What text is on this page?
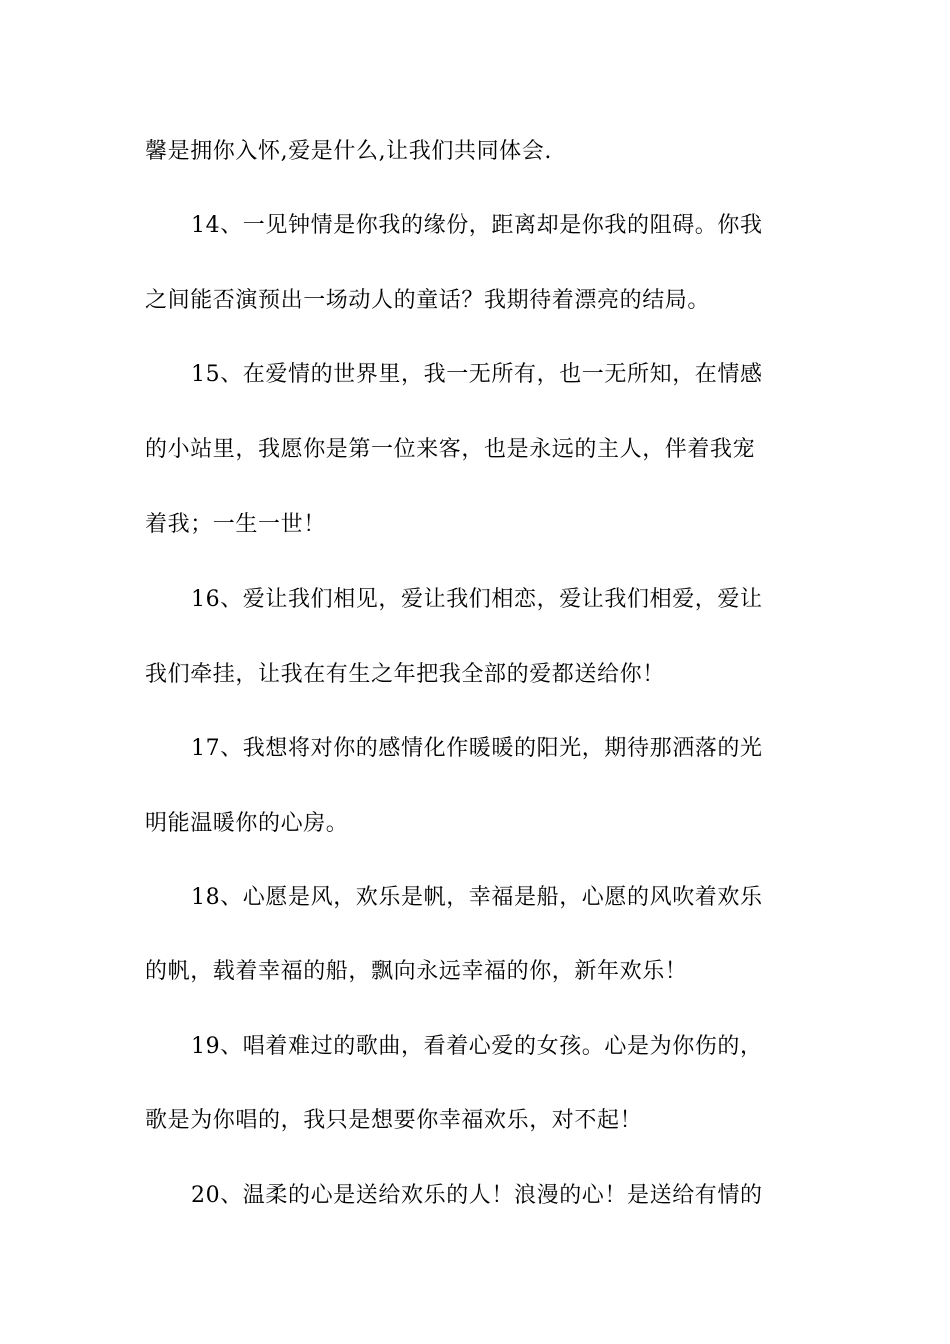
馨是拥你入怀,爱是什么,让我们共同体会.
14、一见钟情是你我的缘份，距离却是你我的阻碍。你我
之间能否演预出一场动人的童话？我期待着漂亮的结局。
15、在爱情的世界里，我一无所有，也一无所知，在情感
的小站里，我愿你是第一位来客，也是永远的主人，伴着我宠
着我；一生一世！
16、爱让我们相见，爱让我们相恋，爱让我们相爱，爱让
我们牵挂，让我在有生之年把我全部的爱都送给你！
17、我想将对你的感情化作暖暖的阳光，期待那洒落的光
明能温暖你的心房。
18、心愿是风，欢乐是帆，幸福是船，心愿的风吹着欢乐
的帆，载着幸福的船，飘向永远幸福的你，新年欢乐！
19、唱着难过的歌曲，看着心爱的女孩。心是为你伤的，
歌是为你唱的，我只是想要你幸福欢乐，对不起！
20、温柔的心是送给欢乐的人！浪漫的心！是送给有情的
